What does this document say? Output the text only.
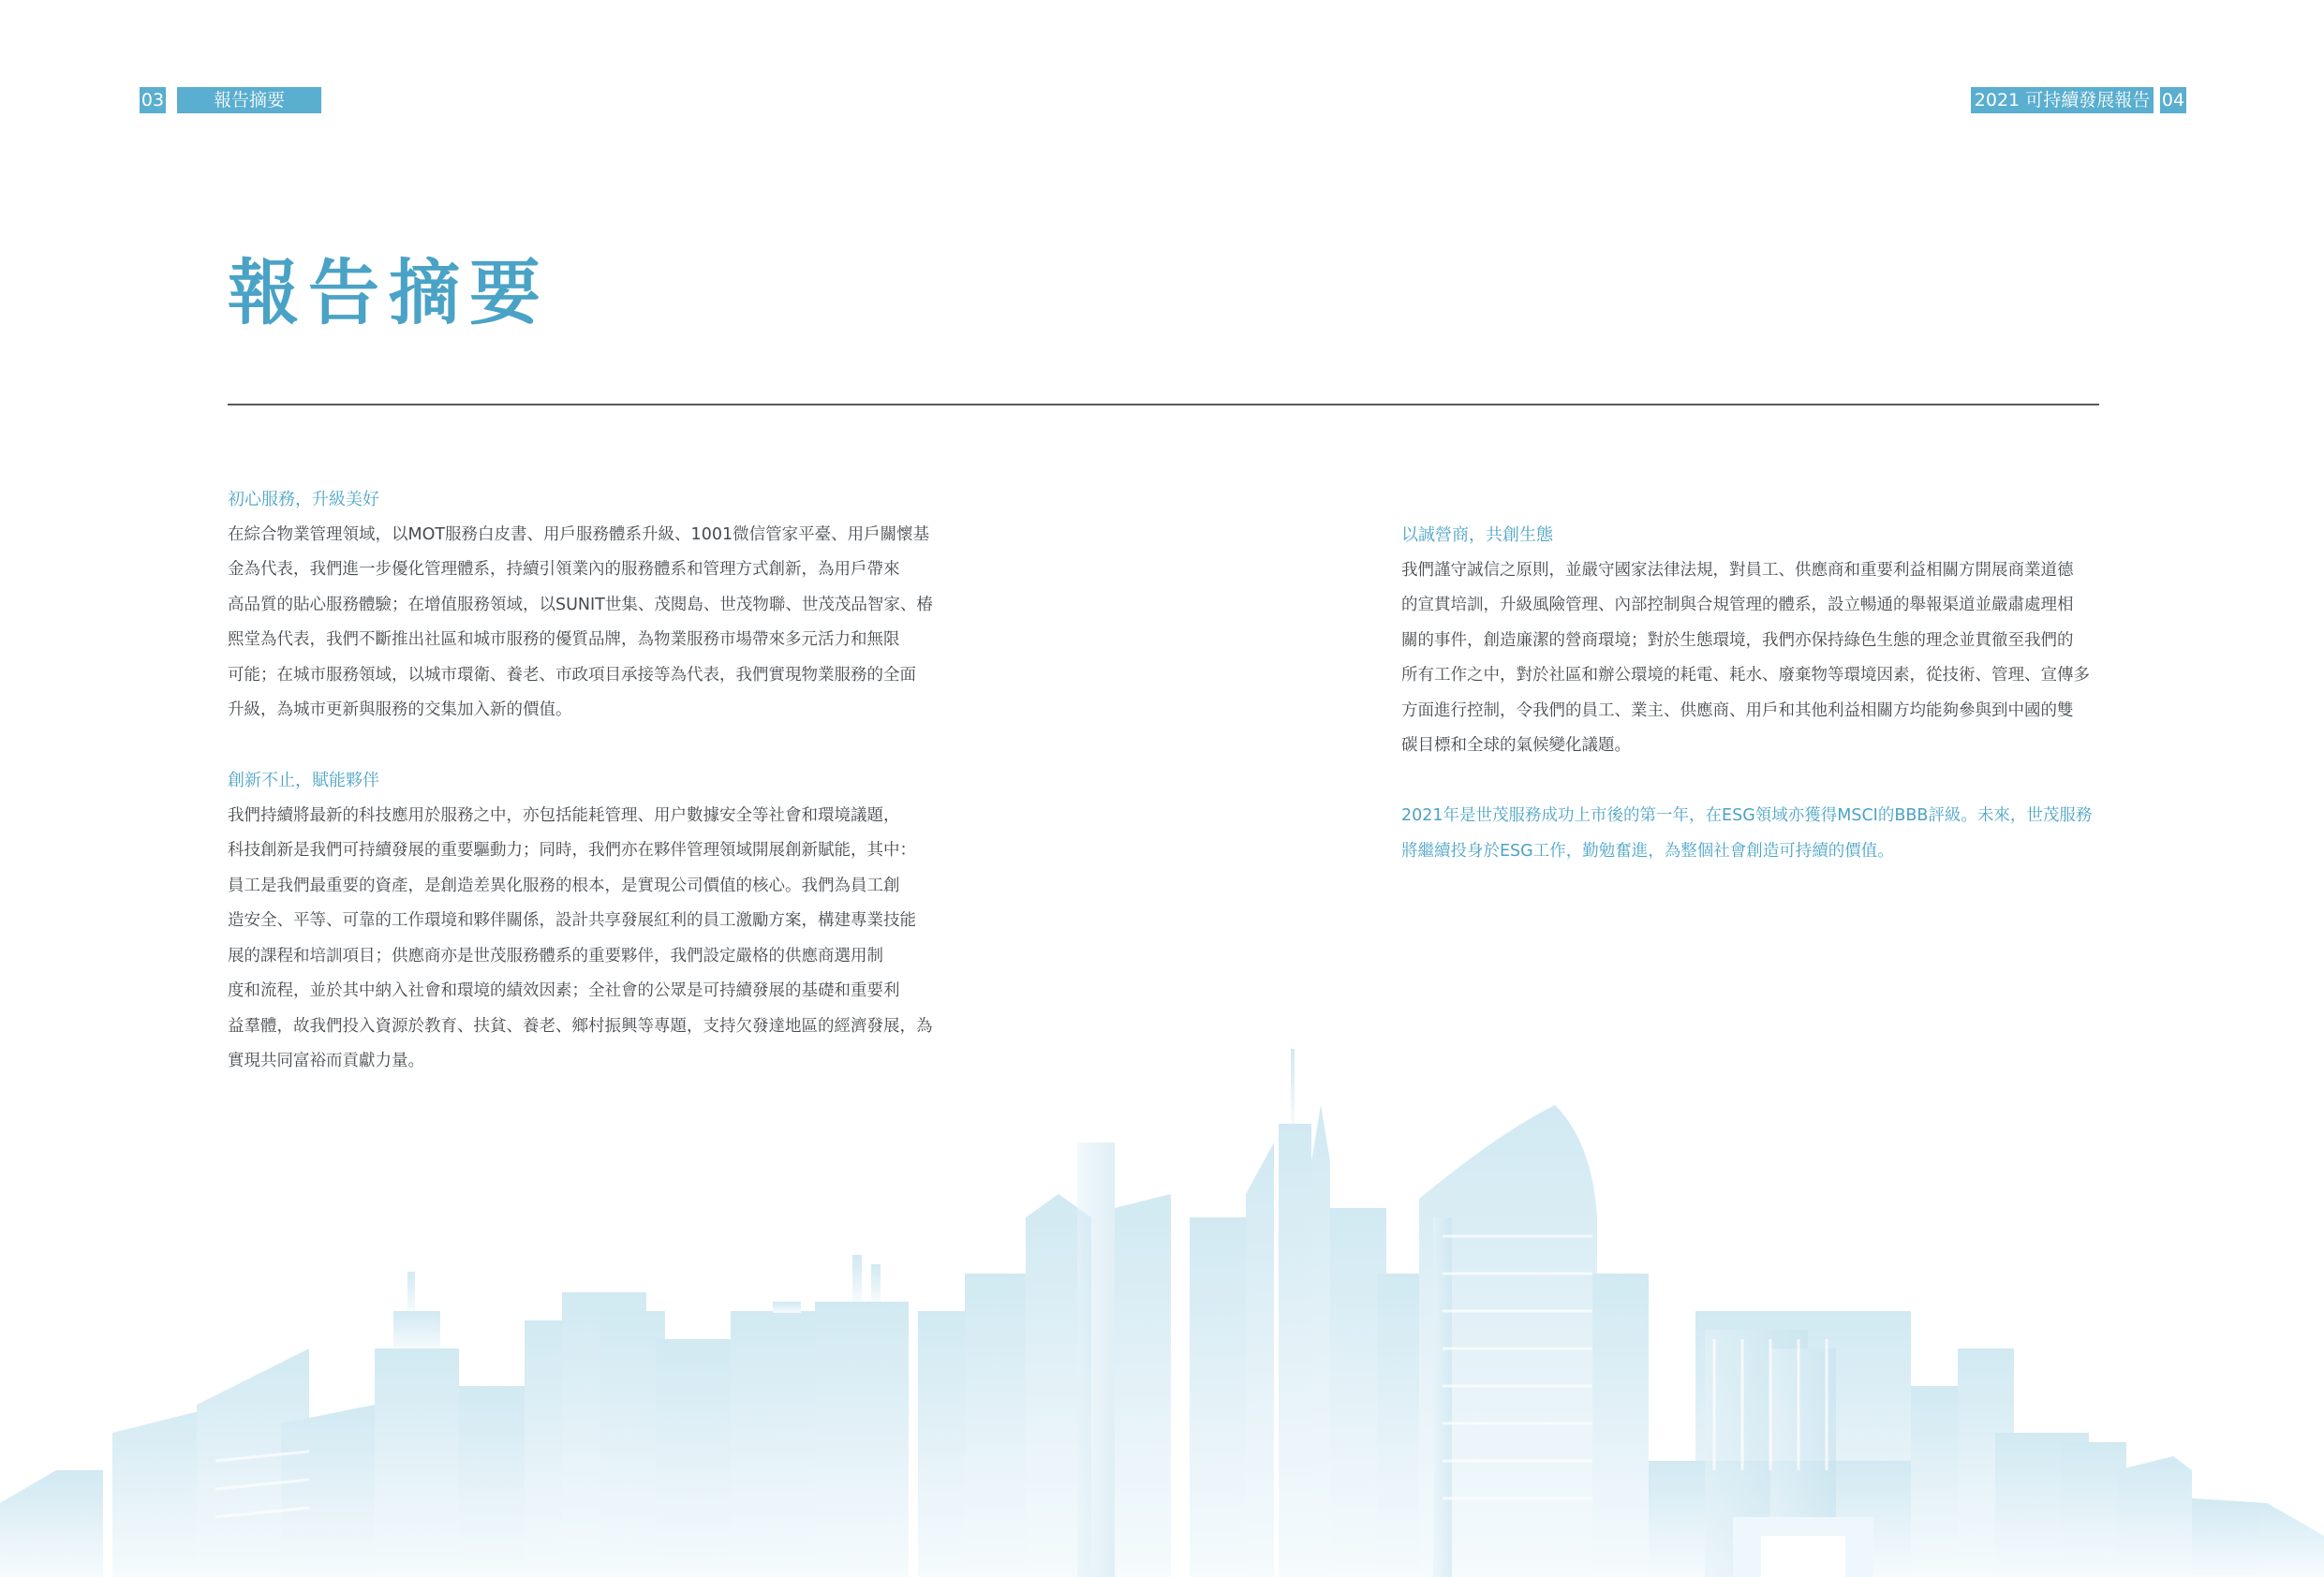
03	報告摘要	2021 可持續發展報告 04
報告摘要
初心服務，升級美好
在綜合物業管理領域，以MOT服務白皮書、用戶服務體系升級、1001微信管家平臺、用戶關懷基
金為代表，我們進一步優化管理體系，持續引領業內的服務體系和管理方式創新，為用戶帶來
高品質的貼心服務體驗；在增值服務領域，以SUNIT世集、茂閱島、世茂物聯、世茂茂品智家、椿
熙堂為代表，我們不斷推出社區和城市服務的優質品牌，為物業服務市場帶來多元活力和無限
可能；在城市服務領域，以城市環衛、養老、市政項目承接等為代表，我們實現物業服務的全面
升級，為城市更新與服務的交集加入新的價值。
創新不止，賦能夥伴
我們持續將最新的科技應用於服務之中，亦包括能耗管理、用户數據安全等社會和環境議題，
科技創新是我們可持續發展的重要驅動力；同時，我們亦在夥伴管理領域開展創新賦能，其中：
員工是我們最重要的資產，是創造差異化服務的根本，是實現公司價值的核心。我們為員工創
造安全、平等、可靠的工作環境和夥伴關係，設計共享發展紅利的員工激勵方案，構建專業技能
展的課程和培訓項目；供應商亦是世茂服務體系的重要夥伴，我們設定嚴格的供應商選用制
度和流程，並於其中納入社會和環境的績效因素；全社會的公眾是可持續發展的基礎和重要利
益羣體，故我們投入資源於教育、扶貧、養老、鄉村振興等專題，支持欠發達地區的經濟發展，為
實現共同富裕而貢獻力量。
以誠營商，共創生態
我們謹守誠信之原則，並嚴守國家法律法規，對員工、供應商和重要利益相關方開展商業道德
的宣貫培訓，升級風險管理、內部控制與合規管理的體系，設立暢通的舉報渠道並嚴肅處理相
關的事件，創造廉潔的營商環境；對於生態環境，我們亦保持綠色生態的理念並貫徹至我們的
所有工作之中，對於社區和辦公環境的耗電、耗水、廢棄物等環境因素，從技術、管理、宣傳多
方面進行控制，令我們的員工、業主、供應商、用戶和其他利益相關方均能夠參與到中國的雙
碳目標和全球的氣候變化議題。
2021年是世茂服務成功上市後的第一年，在ESG領域亦獲得MSCI的BBB評級。未來，世茂服務
將繼續投身於ESG工作，勤勉奮進，為整個社會創造可持續的價值。
